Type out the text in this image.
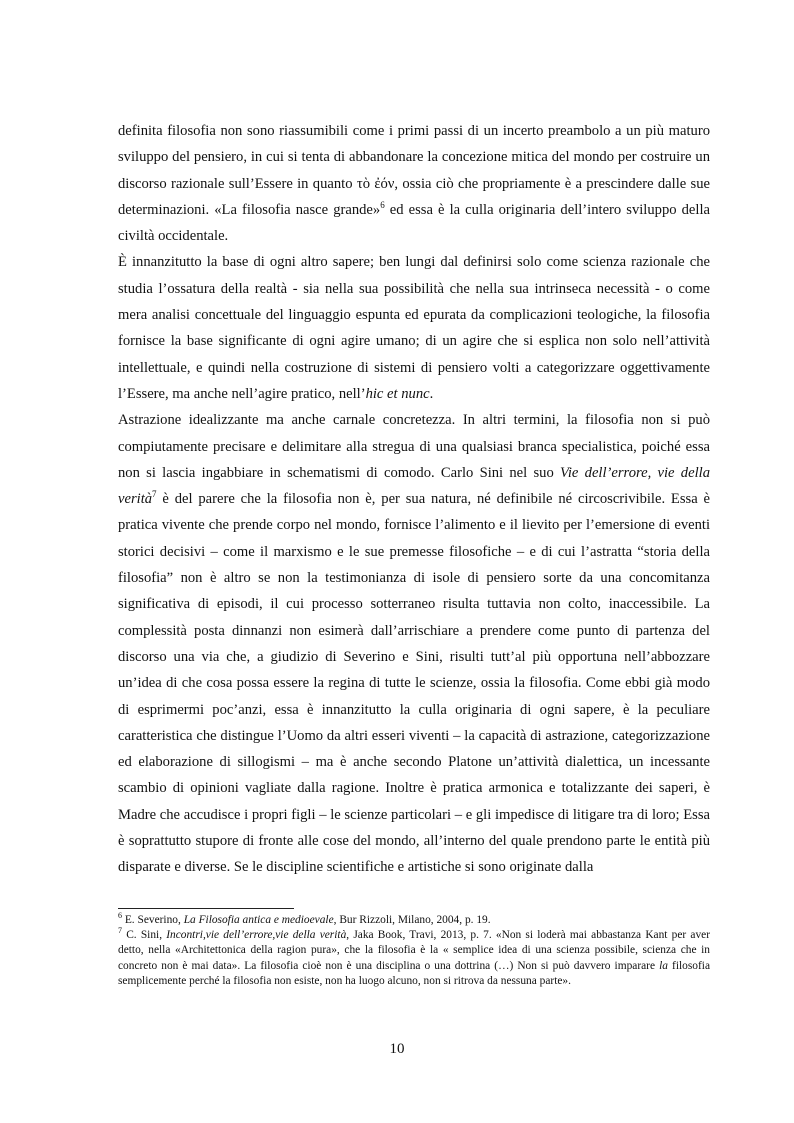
definita filosofia non sono riassumibili come i primi passi di un incerto preambolo a un più maturo sviluppo del pensiero, in cui si tenta di abbandonare la concezione mitica del mondo per costruire un discorso razionale sull’Essere in quanto τὸ ἐόν, ossia ciò che propriamente è a prescindere dalle sue determinazioni. «La filosofia nasce grande»$^6$ ed essa è la culla originaria dell’intero sviluppo della civiltà occidentale.

È innanzitutto la base di ogni altro sapere; ben lungi dal definirsi solo come scienza razionale che studia l’ossatura della realtà - sia nella sua possibilità che nella sua intrinseca necessità - o come mera analisi concettuale del linguaggio espunta ed epurata da complicazioni teologiche, la filosofia fornisce la base significante di ogni agire umano; di un agire che si esplica non solo nell’attività intellettuale, e quindi nella costruzione di sistemi di pensiero volti a categorizzare oggettivamente l’Essere, ma anche nell’agire pratico, nell’hic et nunc.

Astrazione idealizzante ma anche carnale concretezza. In altri termini, la filosofia non si può compiutamente precisare e delimitare alla stregua di una qualsiasi branca specialistica, poiché essa non si lascia ingabbiare in schematismi di comodo. Carlo Sini nel suo Vie dell’errore, vie della verità$^7$ è del parere che la filosofia non è, per sua natura, né definibile né circoscrivibile. Essa è pratica vivente che prende corpo nel mondo, fornisce l’alimento e il lievito per l’emersione di eventi storici decisivi – come il marxismo e le sue premesse filosofiche – e di cui l’astratta “storia della filosofia” non è altro se non la testimonianza di isole di pensiero sorte da una concomitanza significativa di episodi, il cui processo sotterraneo risulta tuttavia non colto, inaccessibile. La complessità posta dinnanzi non esimerà dall’arrischiare a prendere come punto di partenza del discorso una via che, a giudizio di Severino e Sini, risulti tutt’al più opportuna nell’abbozzare un’idea di che cosa possa essere la regina di tutte le scienze, ossia la filosofia. Come ebbi già modo di esprimermi poc’anzi, essa è innanzitutto la culla originaria di ogni sapere, è la peculiare caratteristica che distingue l’Uomo da altri esseri viventi – la capacità di astrazione, categorizzazione ed elaborazione di sillogismi – ma è anche secondo Platone un’attività dialettica, un incessante scambio di opinioni vagliate dalla ragione. Inoltre è pratica armonica e totalizzante dei saperi, è Madre che accudisce i propri figli – le scienze particolari – e gli impedisce di litigare tra di loro; Essa è soprattutto stupore di fronte alle cose del mondo, all’interno del quale prendono parte le entità più disparate e diverse. Se le discipline scientifiche e artistiche si sono originate dalla

$^6$ E. Severino, La Filosofia antica e medioevale, Bur Rizzoli, Milano, 2004, p. 19.

$^7$ C. Sini, Incontri,vie dell’errore,vie della verità, Jaka Book, Travi, 2013, p. 7. «Non si loderà mai abbastanza Kant per aver detto, nella «Architettonica della ragion pura», che la filosofia è la « semplice idea di una scienza possibile, scienza che in concreto non è mai data». La filosofia cioè non è una disciplina o una dottrina (…) Non si può davvero imparare la filosofia semplicemente perché la filosofia non esiste, non ha luogo alcuno, non si ritrova da nessuna parte».

10
